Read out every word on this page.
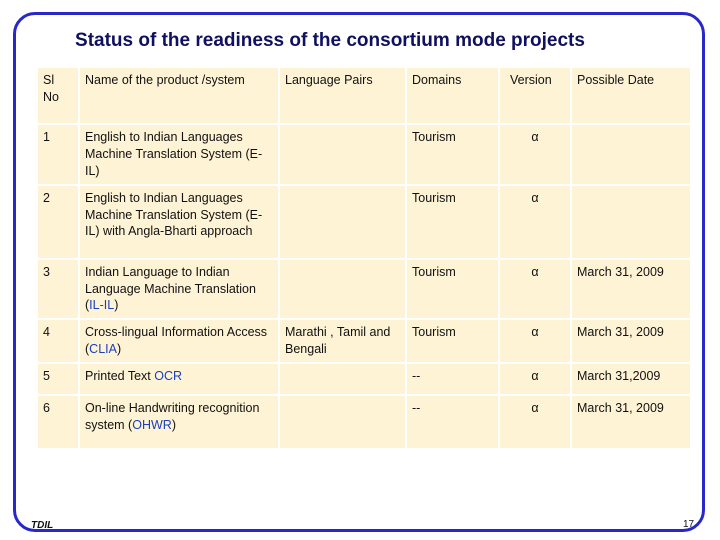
Status of the readiness of the consortium mode projects
Sl No	Name of the product /system	Language Pairs	Domains	Version	Possible Date
1	English to Indian Languages Machine Translation System (E-IL)		Tourism	α	

2	English to Indian Languages Machine Translation System (E-IL) with Angla-Bharti approach		Tourism	α	

3	Indian Language to Indian Language Machine Translation (IL-IL)		Tourism	α	March 31, 2009
4	Cross-lingual Information Access (CLIA)	Marathi , Tamil and Bengali	Tourism	α	March 31, 2009
5	Printed Text OCR		--	α	March 31,2009
6	On-line Handwriting recognition system (OHWR)		--	α	March 31, 2009
TDIL	17
